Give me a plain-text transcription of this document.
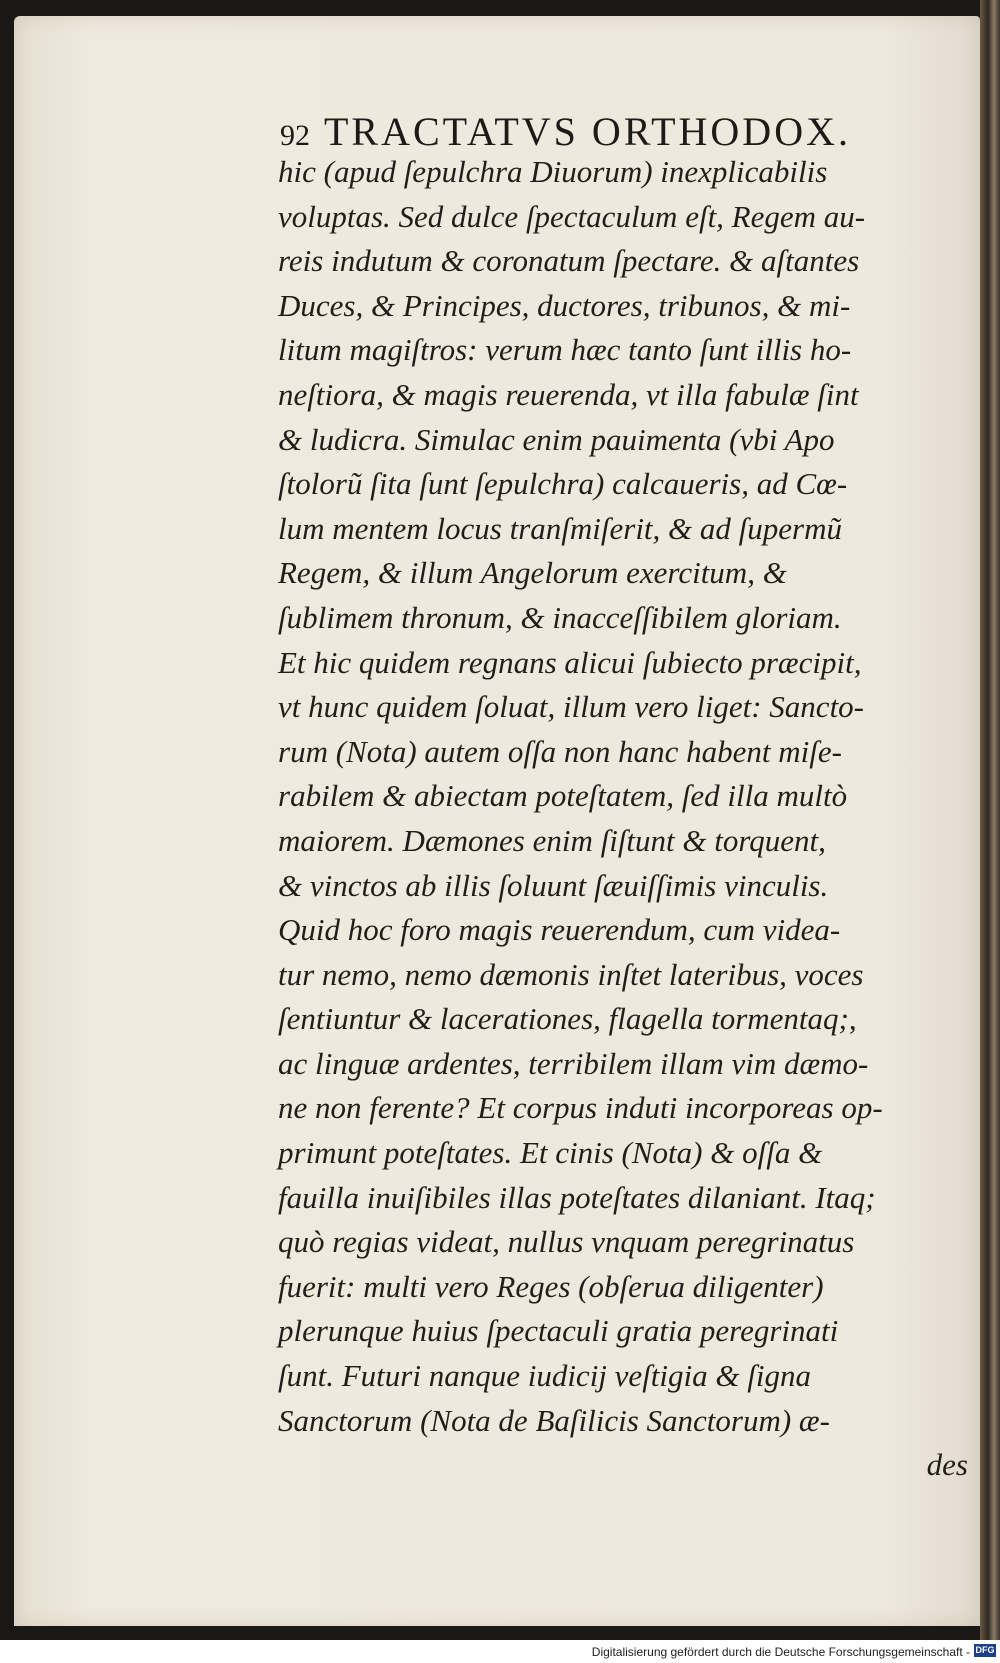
92 TRACTATVS ORTHODOX.
hic (apud ſepulchra Diuorum) inexplicabilis
voluptas. Sed dulce ſpectaculum eſt, Regem au-
reis indutum & coronatum ſpectare. & aſtantes
Duces, & Principes, ductores, tribunos, & mi-
litum magiſtros: verum hæc tanto ſunt illis ho-
neſtiora, & magis reuerenda, vt illa fabulæ ſint
& ludicra. Simulac enim pauimenta (vbi Apo
ſtolorũ ſita ſunt ſepulchra) calcaueris, ad Cœ-
lum mentem locus tranſmiſerit, & ad ſupermũ
Regem, & illum Angelorum exercitum, &
ſublimem thronum, & inacceſſibilem gloriam.
Et hic quidem regnans alicui ſubiecto præcipit,
vt hunc quidem ſoluat, illum vero liget: Sancto-
rum (Nota) autem oſſa non hanc habent miſe-
rabilem & abiectam poteſtatem, ſed illa multò
maiorem. Dæmones enim ſiſtunt & torquent,
& vinctos ab illis ſoluunt ſæuiſſimis vinculis.
Quid hoc foro magis reuerendum, cum videa-
tur nemo, nemo dæmonis inſtet lateribus, voces
ſentiuntur & lacerationes, flagella tormentaq;,
ac linguæ ardentes, terribilem illam vim dæmo-
ne non ferente? Et corpus induti incorporeas op-
primunt poteſtates. Et cinis (Nota) & oſſa &
fauilla inuiſibiles illas poteſtates dilaniant. Itaq;
quò regias videat, nullus vnquam peregrinatus
fuerit: multi vero Reges (obſerua diligenter)
plerunque huius ſpectaculi gratia peregrinati
ſunt. Futuri nanque iudicij veſtigia & ſigna
Sanctorum (Nota de Baſilicis Sanctorum) æ-
des
Digitalisierung gefördert durch die Deutsche Forschungsgemeinschaft - DFG
